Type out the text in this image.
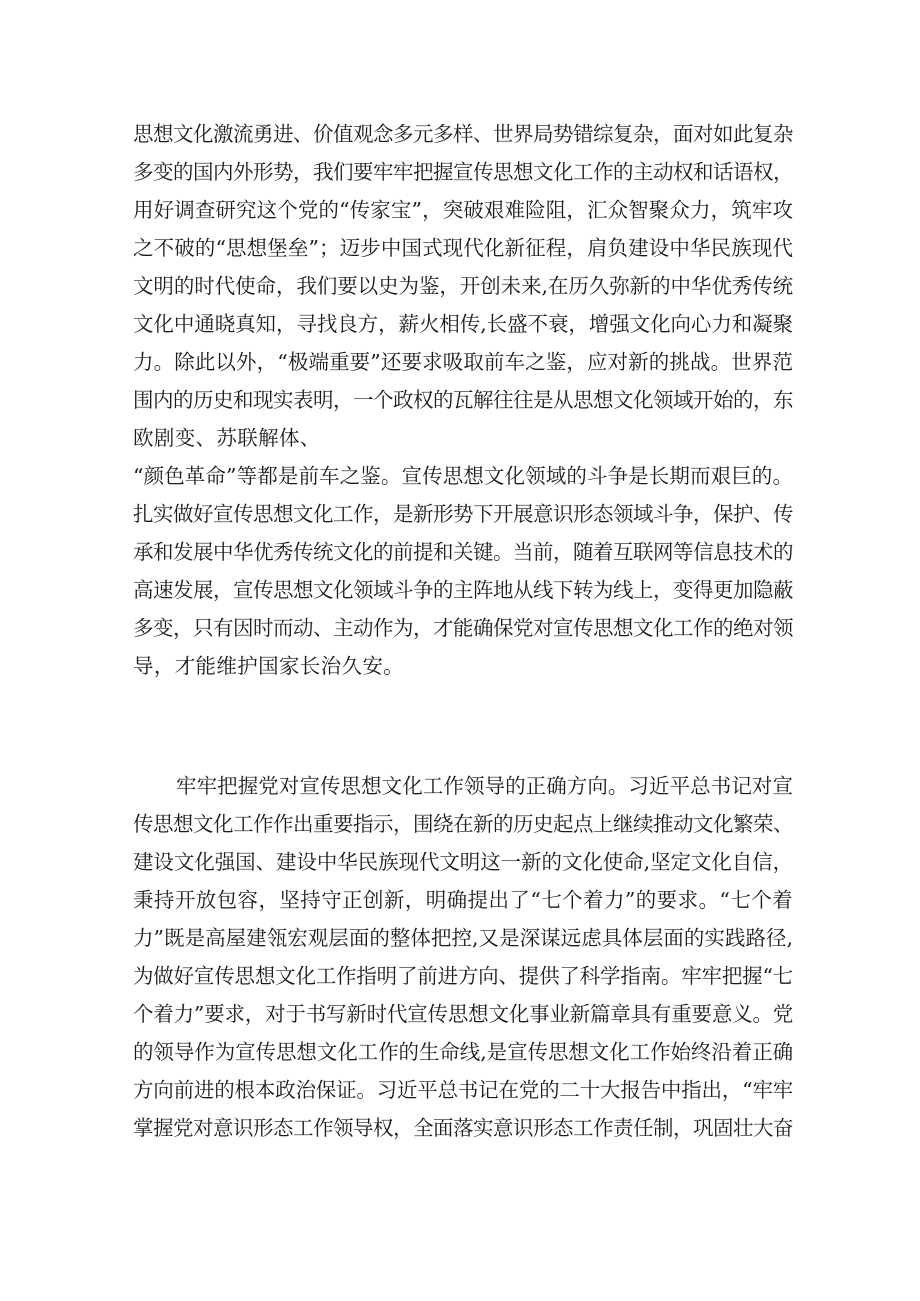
思想文化激流勇进、价值观念多元多样、世界局势错综复杂，面对如此复杂
多变的国内外形势，我们要牢牢把握宣传思想文化工作的主动权和话语权，
用好调查研究这个党的“传家宝”，突破艰难险阻，汇众智聚众力，筑牢攻
之不破的“思想堡垒”；迈步中国式现代化新征程，肩负建设中华民族现代
文明的时代使命，我们要以史为鉴，开创未来,在历久弥新的中华优秀传统
文化中通晓真知，寻找良方，薪火相传,长盛不衰，增强文化向心力和凝聚
力。除此以外，“极端重要”还要求吸取前车之鉴，应对新的挑战。世界范
围内的历史和现实表明，一个政权的瓦解往往是从思想文化领域开始的，东
欧剧变、苏联解体、
“颜色革命”等都是前车之鉴。宣传思想文化领域的斗争是长期而艰巨的。
扎实做好宣传思想文化工作，是新形势下开展意识形态领域斗争，保护、传
承和发展中华优秀传统文化的前提和关键。当前，随着互联网等信息技术的
高速发展，宣传思想文化领域斗争的主阵地从线下转为线上，变得更加隐蔽
多变，只有因时而动、主动作为，才能确保党对宣传思想文化工作的绝对领
导，才能维护国家长治久安。
牢牢把握党对宣传思想文化工作领导的正确方向。习近平总书记对宣
传思想文化工作作出重要指示，围绕在新的历史起点上继续推动文化繁荣、
建设文化强国、建设中华民族现代文明这一新的文化使命,坚定文化自信，
秉持开放包容，坚持守正创新，明确提出了“七个着力”的要求。“七个着
力”既是高屋建瓴宏观层面的整体把控,又是深谋远虑具体层面的实践路径,
为做好宣传思想文化工作指明了前进方向、提供了科学指南。牢牢把握“七
个着力”要求，对于书写新时代宣传思想文化事业新篇章具有重要意义。党
的领导作为宣传思想文化工作的生命线,是宣传思想文化工作始终沿着正确
方向前进的根本政治保证。习近平总书记在党的二十大报告中指出，“牢牢
掌握党对意识形态工作领导权，全面落实意识形态工作责任制，巩固壮大奋
